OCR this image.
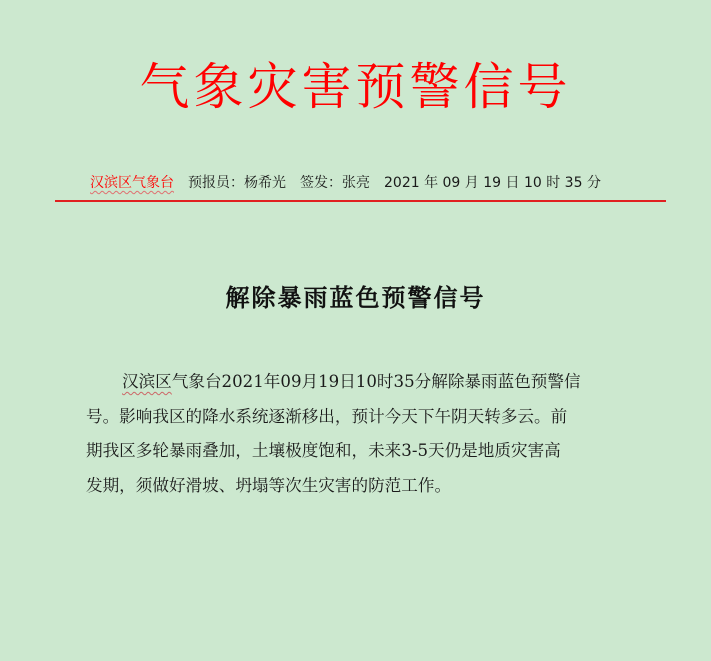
气象灾害预警信号
汉滨区气象台 预报员：杨希光 签发：张亮 2021 年 09 月 19 日 10 时 35 分
解除暴雨蓝色预警信号
汉滨区气象台2021年09月19日10时35分解除暴雨蓝色预警信
号。影响我区的降水系统逐渐移出，预计今天下午阴天转多云。前
期我区多轮暴雨叠加，土壤极度饱和，未来3-5天仍是地质灾害高
发期，须做好滑坡、坍塌等次生灾害的防范工作。
